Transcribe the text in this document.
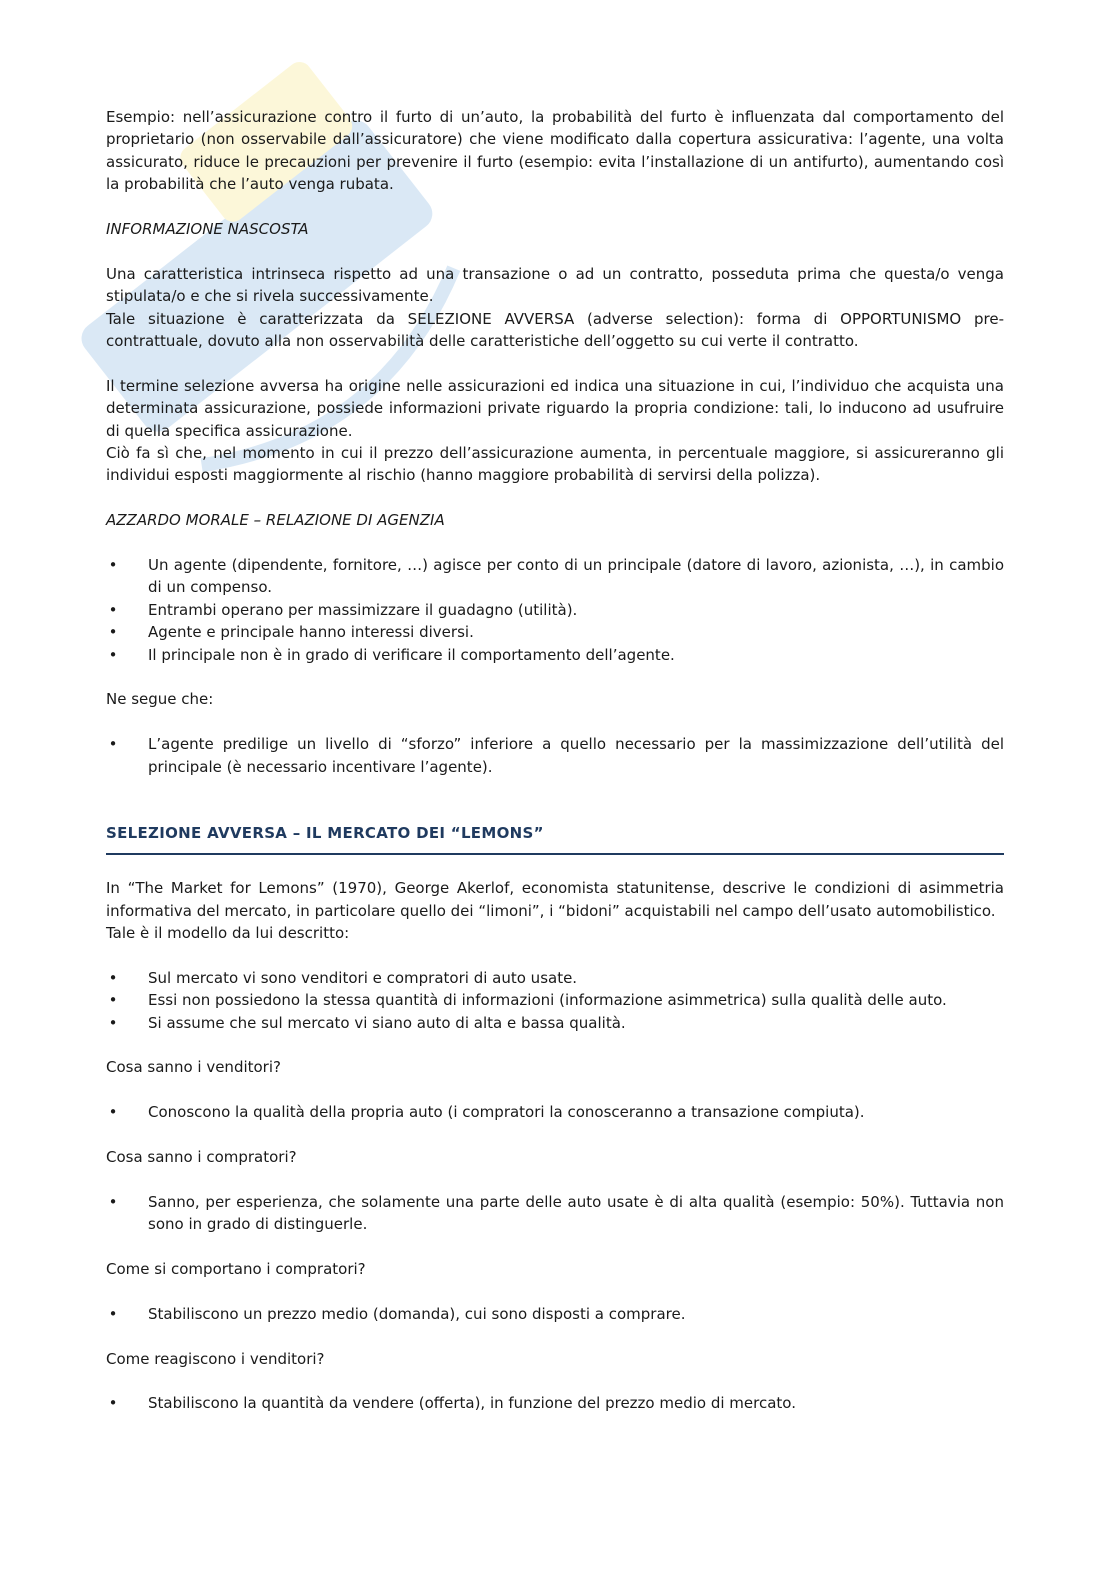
Esempio: nell’assicurazione contro il furto di un’auto, la probabilità del furto è influenzata dal comportamento del proprietario (non osservabile dall’assicuratore) che viene modificato dalla copertura assicurativa: l’agente, una volta assicurato, riduce le precauzioni per prevenire il furto (esempio: evita l’installazione di un antifurto), aumentando così la probabilità che l’auto venga rubata.

INFORMAZIONE NASCOSTA

Una caratteristica intrinseca rispetto ad una transazione o ad un contratto, posseduta prima che questa/o venga stipulata/o e che si rivela successivamente.

Tale situazione è caratterizzata da SELEZIONE AVVERSA (adverse selection): forma di OPPORTUNISMO pre- contrattuale, dovuto alla non osservabilità delle caratteristiche dell’oggetto su cui verte il contratto.

Il termine selezione avversa ha origine nelle assicurazioni ed indica una situazione in cui, l’individuo che acquista una determinata assicurazione, possiede informazioni private riguardo la propria condizione: tali, lo inducono ad usufruire di quella specifica assicurazione.

Ciò fa sì che, nel momento in cui il prezzo dell’assicurazione aumenta, in percentuale maggiore, si assicureranno gli individui esposti maggiormente al rischio (hanno maggiore probabilità di servirsi della polizza).

AZZARDO MORALE – RELAZIONE DI AGENZIA

• Un agente (dipendente, fornitore, …) agisce per conto di un principale (datore di lavoro, azionista, …), in cambio di un compenso.
• Entrambi operano per massimizzare il guadagno (utilità).
• Agente e principale hanno interessi diversi.
• Il principale non è in grado di verificare il comportamento dell’agente.

Ne segue che:

• L’agente predilige un livello di “sforzo” inferiore a quello necessario per la massimizzazione dell’utilità del principale (è necessario incentivare l’agente).
SELEZIONE AVVERSA – IL MERCATO DEI “LEMONS”

In “The Market for Lemons” (1970), George Akerlof, economista statunitense, descrive le condizioni di asimmetria informativa del mercato, in particolare quello dei “limoni”, i “bidoni” acquistabili nel campo dell’usato automobilistico.

Tale è il modello da lui descritto:

• Sul mercato vi sono venditori e compratori di auto usate.
• Essi non possiedono la stessa quantità di informazioni (informazione asimmetrica) sulla qualità delle auto.
• Si assume che sul mercato vi siano auto di alta e bassa qualità.

Cosa sanno i venditori?

• Conoscono la qualità della propria auto (i compratori la conosceranno a transazione compiuta).

Cosa sanno i compratori?

• Sanno, per esperienza, che solamente una parte delle auto usate è di alta qualità (esempio: 50%). Tuttavia non sono in grado di distinguerle.

Come si comportano i compratori?

• Stabiliscono un prezzo medio (domanda), cui sono disposti a comprare.

Come reagiscono i venditori?

• Stabiliscono la quantità da vendere (offerta), in funzione del prezzo medio di mercato.
